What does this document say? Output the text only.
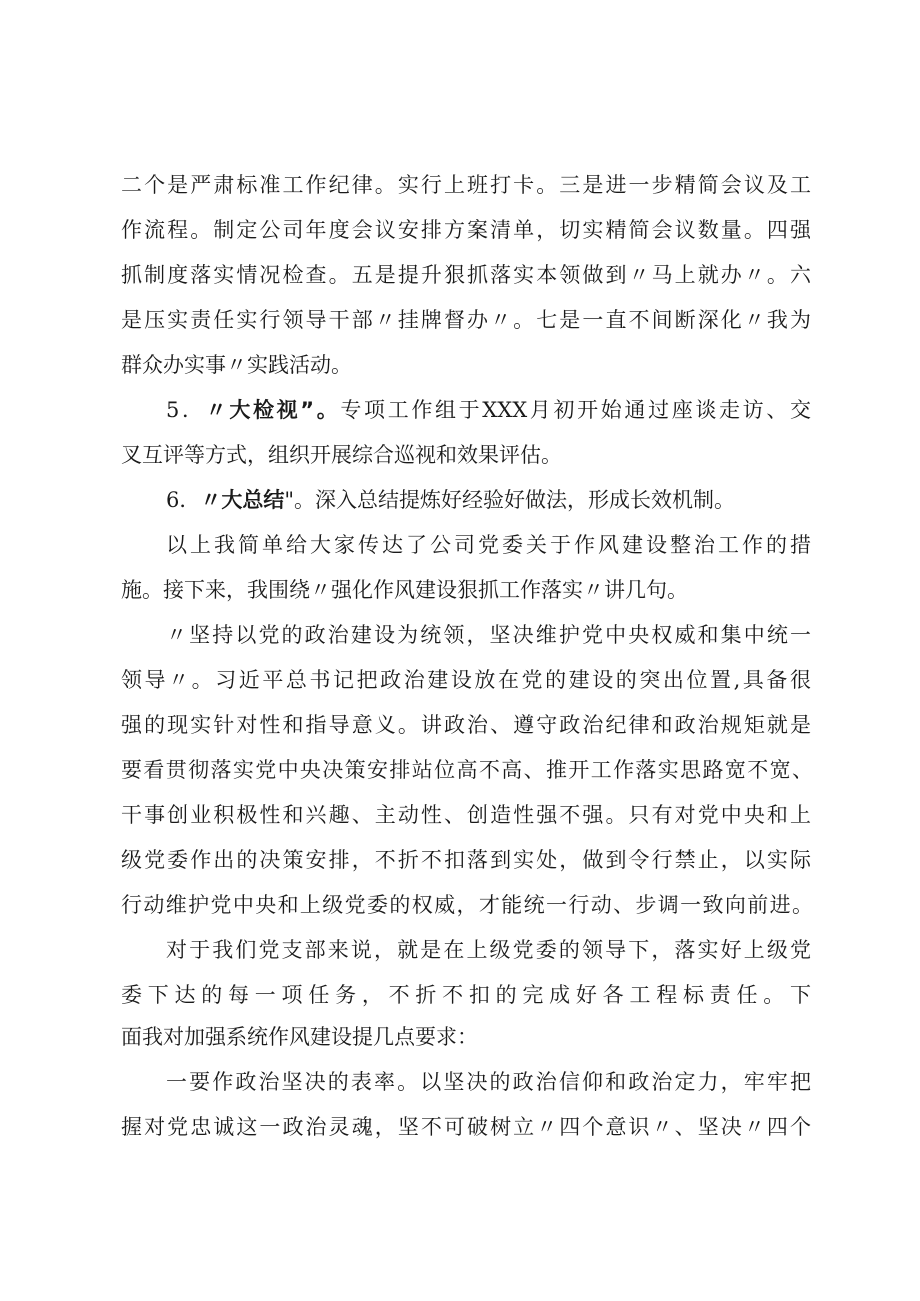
二个是严肃标准工作纪律。实行上班打卡。三是进一步精简会议及工
作流程。制定公司年度会议安排方案清单，切实精简会议数量。四强
抓制度落实情况检查。五是提升狠抓落实本领做到〃马上就办〃。六
是压实责任实行领导干部〃挂牌督办〃。七是一直不间断深化〃我为
群众办实事〃实践活动。
5．〃大检视”。专项工作组于XXX月初开始通过座谈走访、交
叉互评等方式，组织开展综合巡视和效果评估。
6．〃大总结"。深入总结提炼好经验好做法，形成长效机制。
以上我简单给大家传达了公司党委关于作风建设整治工作的措
施。接下来，我围绕〃强化作风建设狠抓工作落实〃讲几句。
〃坚持以党的政治建设为统领，坚决维护党中央权威和集中统一
领导〃。习近平总书记把政治建设放在党的建设的突出位置,具备很
强的现实针对性和指导意义。讲政治、遵守政治纪律和政治规矩就是
要看贯彻落实党中央决策安排站位高不高、推开工作落实思路宽不宽、
干事创业积极性和兴趣、主动性、创造性强不强。只有对党中央和上
级党委作出的决策安排，不折不扣落到实处，做到令行禁止，以实际
行动维护党中央和上级党委的权威，才能统一行动、步调一致向前进。
对于我们党支部来说，就是在上级党委的领导下，落实好上级党
委下达的每一项任务，不折不扣的完成好各工程标责任。下
面我对加强系统作风建设提几点要求：
一要作政治坚决的表率。以坚决的政治信仰和政治定力，牢牢把
握对党忠诚这一政治灵魂，坚不可破树立〃四个意识〃、坚决〃四个
